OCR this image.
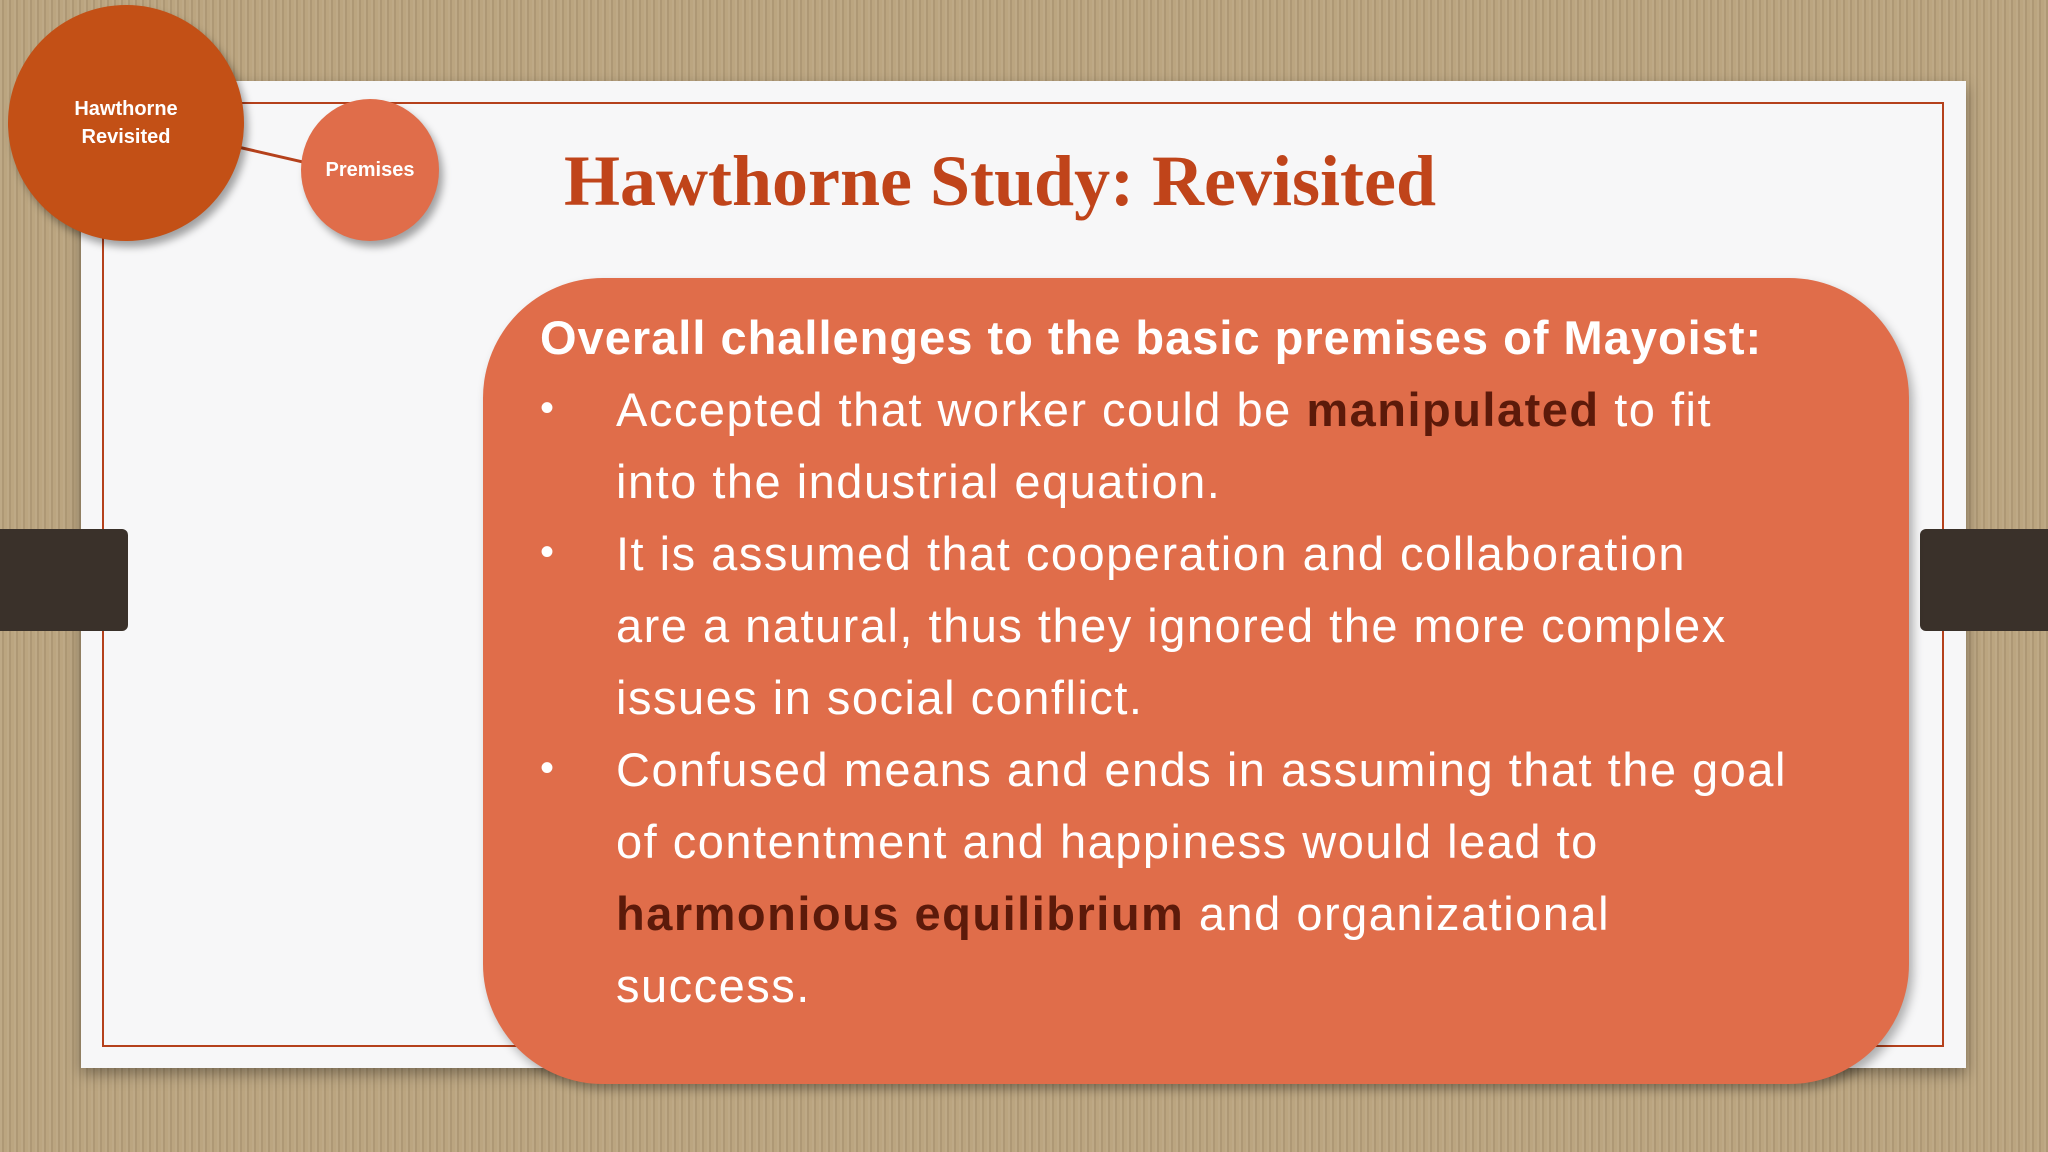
Hawthorne Revisited
Premises Hawthorne Study: Revisited
Overall challenges to the basic premises of Mayoist:
• Accepted that worker could be manipulated to fit
into the industrial equation.
• It is assumed that cooperation and collaboration
are a natural, thus they ignored the more complex
issues in social conflict.
• Confused means and ends in assuming that the goal
of contentment and happiness would lead to
harmonious equilibrium and organizational
success.
